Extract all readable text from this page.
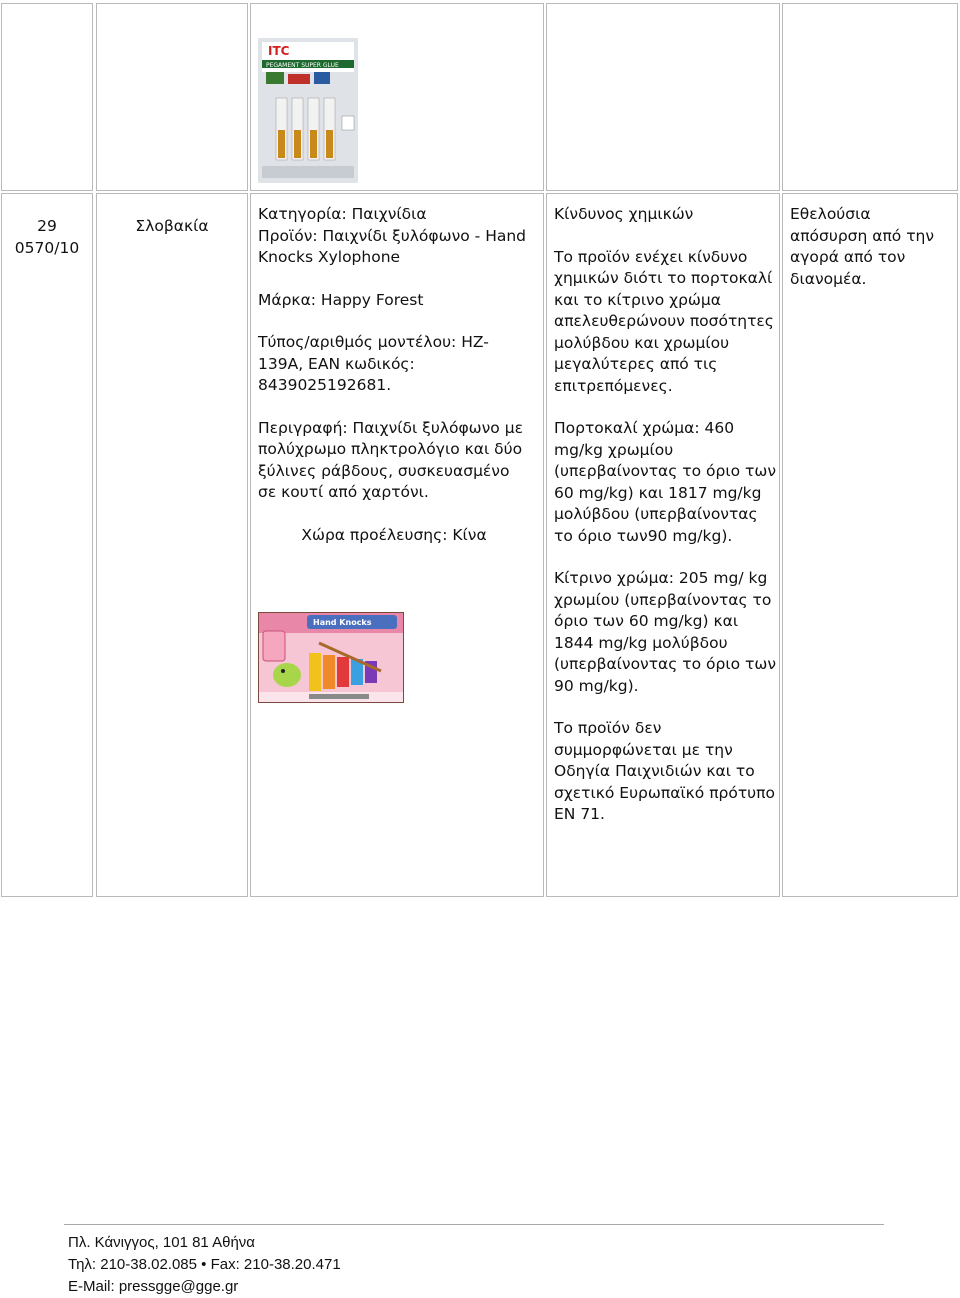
ITC
PEGAMENT SUPER GLUE

29

0570/10

Σλοβακία

Κατηγορία: Παιχνίδια

Προϊόν: Παιχνίδι ξυλόφωνο - Hand Knocks Xylophone

Μάρκα: Happy Forest

Τύπος/αριθμός μοντέλου: HZ-139A, EAN κωδικός: 8439025192681.

Περιγραφή: Παιχνίδι ξυλόφωνο με πολύχρωμο πληκτρολόγιο και δύο ξύλινες ράβδους, συσκευασμένο σε κουτί από χαρτόνι.

Χώρα προέλευσης: Κίνα

Hand Knocks

Κίνδυνος χημικών

Το προϊόν ενέχει κίνδυνο χημικών διότι το πορτοκαλί και το κίτρινο χρώμα απελευθερώνουν ποσότητες μολύβδου και χρωμίου μεγαλύτερες από τις επιτρεπόμενες.

Πορτοκαλί χρώμα: 460 mg/kg χρωμίου (υπερβαίνοντας το όριο των 60 mg/kg) και 1817 mg/kg μολύβδου (υπερβαίνοντας το όριο των90 mg/kg).

Κίτρινο χρώμα: 205 mg/ kg χρωμίου (υπερβαίνοντας το όριο των 60 mg/kg) και 1844 mg/kg μολύβδου (υπερβαίνοντας το όριο των 90 mg/kg).

Το προϊόν δεν συμμορφώνεται με την Οδηγία Παιχνιδιών και το σχετικό Ευρωπαϊκό πρότυπο EN 71.

Εθελούσια απόσυρση από την αγορά από τον διανομέα.

Πλ. Κάνιγγος, 101 81 Αθήνα
Τηλ: 210-38.02.085 • Fax: 210-38.20.471
E-Mail: pressgge@gge.gr
